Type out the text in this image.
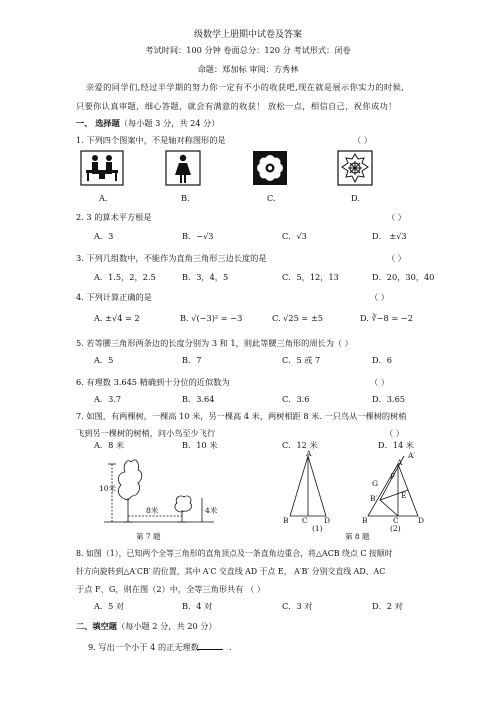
级数学上册期中试卷及答案
考试时间：100 分钟 卷面总分：120 分 考试形式：闭卷
命题：郑加标 审阅：方秀林
亲爱的同学们,经过半学期的努力你一定有不小的收获吧,现在就是展示你实力的时候,
只要你认真审题，细心答题，就会有满意的收获！ 放松一点，相信自己，祝你成功！
一、 选择题（每小题 3 分，共 24 分）
1. 下列四个图案中，不是轴对称图形的是	（ ）
A.	B.	C.	D.
2. 3 的算术平方根是	（ ）
A．3	B．−√3	C．√3	D． ±√3
3. 下列几组数中，不能作为直角三角形三边长度的是	（ ）
A．1.5，2，2.5	B．3，4，5	C．5，12，13	D．20，30，40
4. 下列计算正确的是	（ ）
A. ±√4 = 2	B. √(−3)² = −3	C. √25 = ±5	D. ∛−8 = −2
5. 若等腰三角形两条边的长度分别为 3 和 1，则此等腰三角形的周长为（ ）
A．5	B．7	C．5 或 7	D．6
6. 有理数 3.645 精确到十分位的近似数为	（ ）
A．3.7	B．3.64	C．3.6	D．3.65
7. 如图，有两棵树，一棵高 10 米，另一棵高 4 米，两树相距 8 米. 一只鸟从一棵树的树梢
飞到另一棵树的树梢，问小鸟至少飞行	（ ）
A．8 米	B．10 米	C．12 米	D．14 米
10米
8米	4米
第 7 题
A
B C D
(1)
A
A′
F
G
B′	E
B	C	D
(2)
第 8 题
8. 如图（1），已知两个全等三角形的直角顶点及一条直角边重合，将△ACB 绕点 C 按顺时
针方向旋转到△A′CB′ 的位置，其中 A′C 交直线 AD 于点 E， A′B′ 分别交直线 AD、AC
于点 F、G，则在图（2）中，全等三角形共有 （ ）
A．5 对	B．4 对	C．3 对	D．2 对
二、填空题（每小题 2 分，共 20 分）
9. 写出一个小于 4 的正无理数	.
